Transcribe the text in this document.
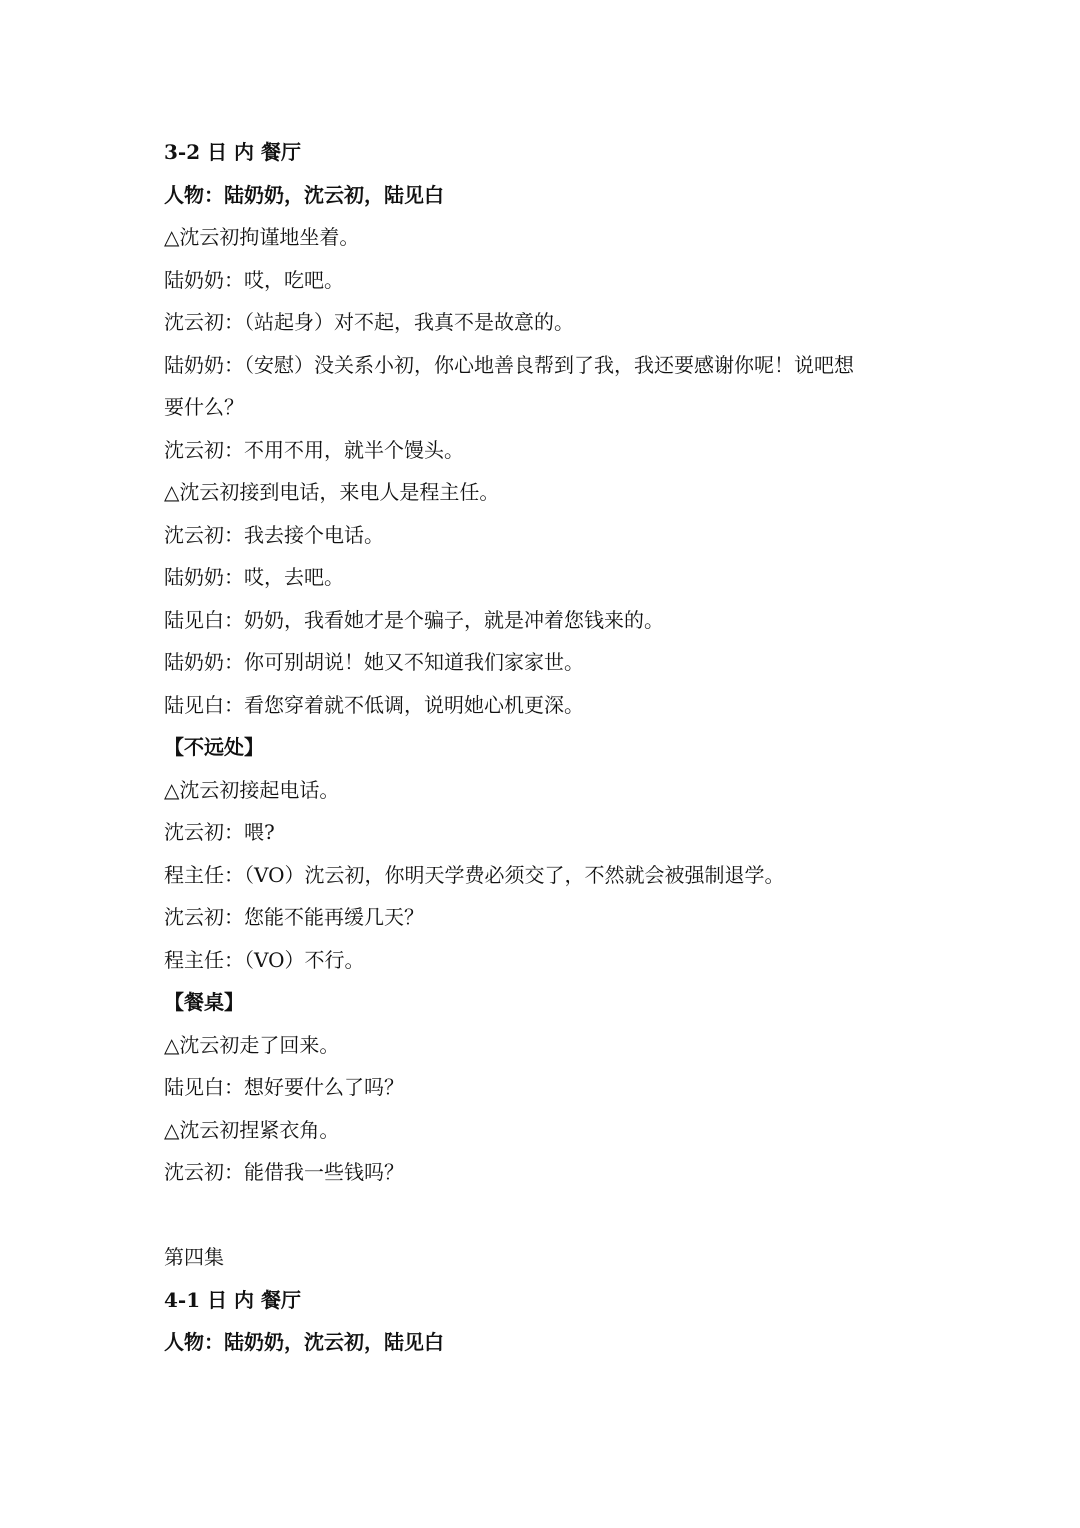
3-2 日 内 餐厅
人物：陆奶奶，沈云初，陆见白
△沈云初拘谨地坐着。
陆奶奶：哎，吃吧。
沈云初：（站起身）对不起，我真不是故意的。
陆奶奶：（安慰）没关系小初，你心地善良帮到了我，我还要感谢你呢！说吧想
要什么？
沈云初：不用不用，就半个馒头。
△沈云初接到电话，来电人是程主任。
沈云初：我去接个电话。
陆奶奶：哎，去吧。
陆见白：奶奶，我看她才是个骗子，就是冲着您钱来的。
陆奶奶：你可别胡说！她又不知道我们家家世。
陆见白：看您穿着就不低调，说明她心机更深。
【不远处】
△沈云初接起电话。
沈云初：喂?
程主任：（VO）沈云初，你明天学费必须交了，不然就会被强制退学。
沈云初：您能不能再缓几天？
程主任：（VO）不行。
【餐桌】
△沈云初走了回来。
陆见白：想好要什么了吗？
△沈云初捏紧衣角。
沈云初：能借我一些钱吗？
第四集
4-1 日 内 餐厅
人物：陆奶奶，沈云初，陆见白
